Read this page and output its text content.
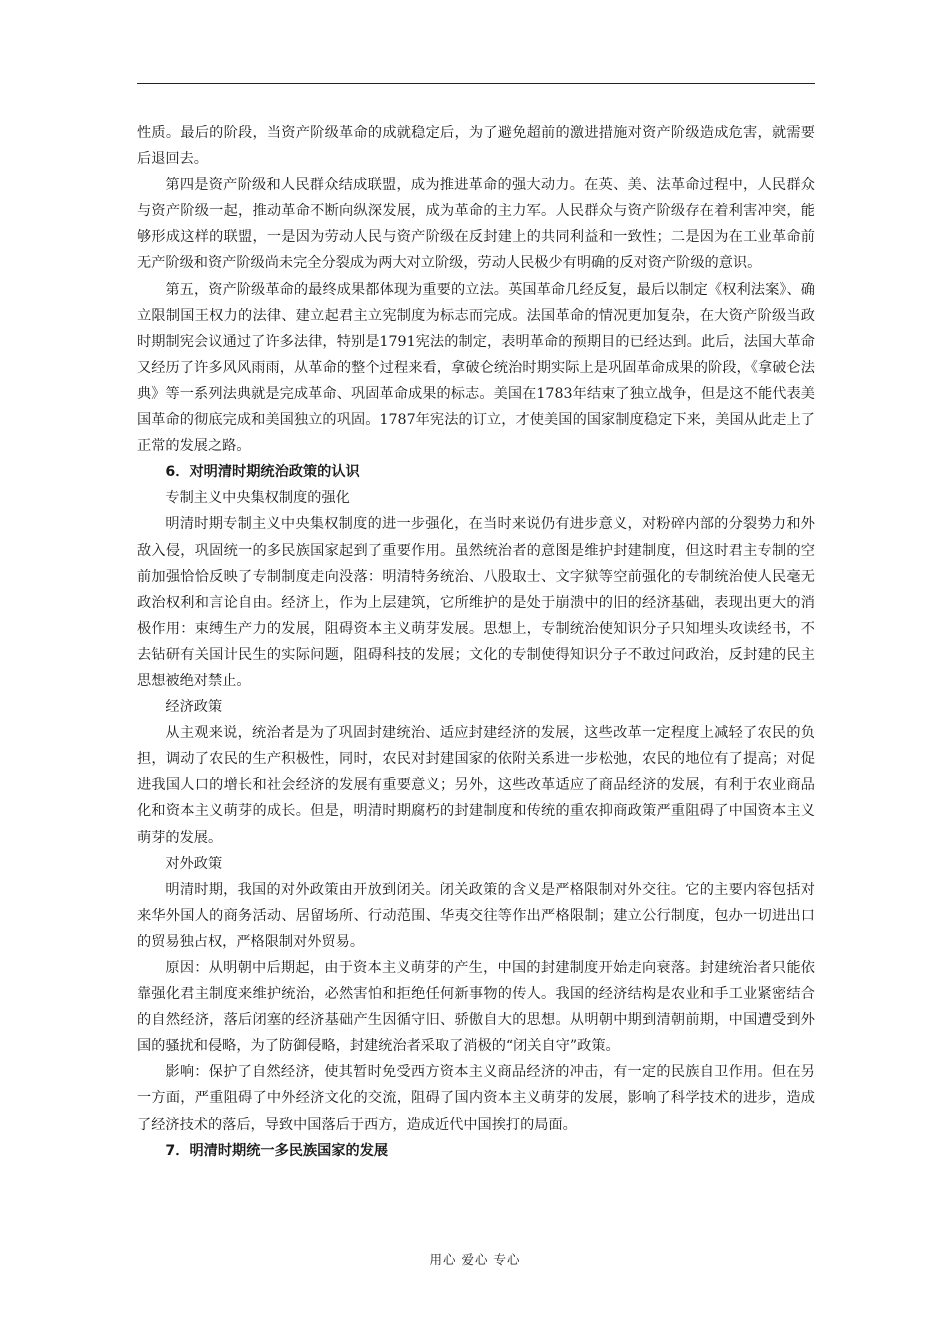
性质。最后的阶段，当资产阶级革命的成就稳定后，为了避免超前的激进措施对资产阶级造成危害，就需要后退回去。

第四是资产阶级和人民群众结成联盟，成为推进革命的强大动力。在英、美、法革命过程中，人民群众与资产阶级一起，推动革命不断向纵深发展，成为革命的主力军。人民群众与资产阶级存在着利害冲突，能够形成这样的联盟，一是因为劳动人民与资产阶级在反封建上的共同利益和一致性；二是因为在工业革命前无产阶级和资产阶级尚未完全分裂成为两大对立阶级，劳动人民极少有明确的反对资产阶级的意识。

第五，资产阶级革命的最终成果都体现为重要的立法。英国革命几经反复，最后以制定《权利法案》、确立限制国王权力的法律、建立起君主立宪制度为标志而完成。法国革命的情况更加复杂，在大资产阶级当政时期制宪会议通过了许多法律，特别是1791宪法的制定，表明革命的预期目的已经达到。此后，法国大革命又经历了许多风风雨雨，从革命的整个过程来看，拿破仑统治时期实际上是巩固革命成果的阶段，《拿破仑法典》等一系列法典就是完成革命、巩固革命成果的标志。美国在1783年结束了独立战争，但是这不能代表美国革命的彻底完成和美国独立的巩固。1787年宪法的订立，才使美国的国家制度稳定下来，美国从此走上了正常的发展之路。

6．对明清时期统治政策的认识

专制主义中央集权制度的强化

明清时期专制主义中央集权制度的进一步强化，在当时来说仍有进步意义，对粉碎内部的分裂势力和外敌入侵，巩固统一的多民族国家起到了重要作用。虽然统治者的意图是维护封建制度，但这时君主专制的空前加强恰恰反映了专制制度走向没落：明清特务统治、八股取士、文字狱等空前强化的专制统治使人民毫无政治权利和言论自由。经济上，作为上层建筑，它所维护的是处于崩溃中的旧的经济基础，表现出更大的消极作用：束缚生产力的发展，阻碍资本主义萌芽发展。思想上，专制统治使知识分子只知埋头攻读经书，不去钻研有关国计民生的实际问题，阻碍科技的发展；文化的专制使得知识分子不敢过问政治，反封建的民主思想被绝对禁止。

经济政策

从主观来说，统治者是为了巩固封建统治、适应封建经济的发展，这些改革一定程度上减轻了农民的负担，调动了农民的生产积极性，同时，农民对封建国家的依附关系进一步松弛，农民的地位有了提高；对促进我国人口的增长和社会经济的发展有重要意义；另外，这些改革适应了商品经济的发展，有利于农业商品化和资本主义萌芽的成长。但是，明清时期腐朽的封建制度和传统的重农抑商政策严重阻碍了中国资本主义萌芽的发展。

对外政策

明清时期，我国的对外政策由开放到闭关。闭关政策的含义是严格限制对外交往。它的主要内容包括对来华外国人的商务活动、居留场所、行动范围、华夷交往等作出严格限制；建立公行制度，包办一切进出口的贸易独占权，严格限制对外贸易。

原因：从明朝中后期起，由于资本主义萌芽的产生，中国的封建制度开始走向衰落。封建统治者只能依靠强化君主制度来维护统治，必然害怕和拒绝任何新事物的传人。我国的经济结构是农业和手工业紧密结合的自然经济，落后闭塞的经济基础产生因循守旧、骄傲自大的思想。从明朝中期到清朝前期，中国遭受到外国的骚扰和侵略，为了防御侵略，封建统治者采取了消极的“闭关自守”政策。

影响：保护了自然经济，使其暂时免受西方资本主义商品经济的冲击，有一定的民族自卫作用。但在另一方面，严重阻碍了中外经济文化的交流，阻碍了国内资本主义萌芽的发展，影响了科学技术的进步，造成了经济技术的落后，导致中国落后于西方，造成近代中国挨打的局面。

7．明清时期统一多民族国家的发展
用心 爱心 专心
